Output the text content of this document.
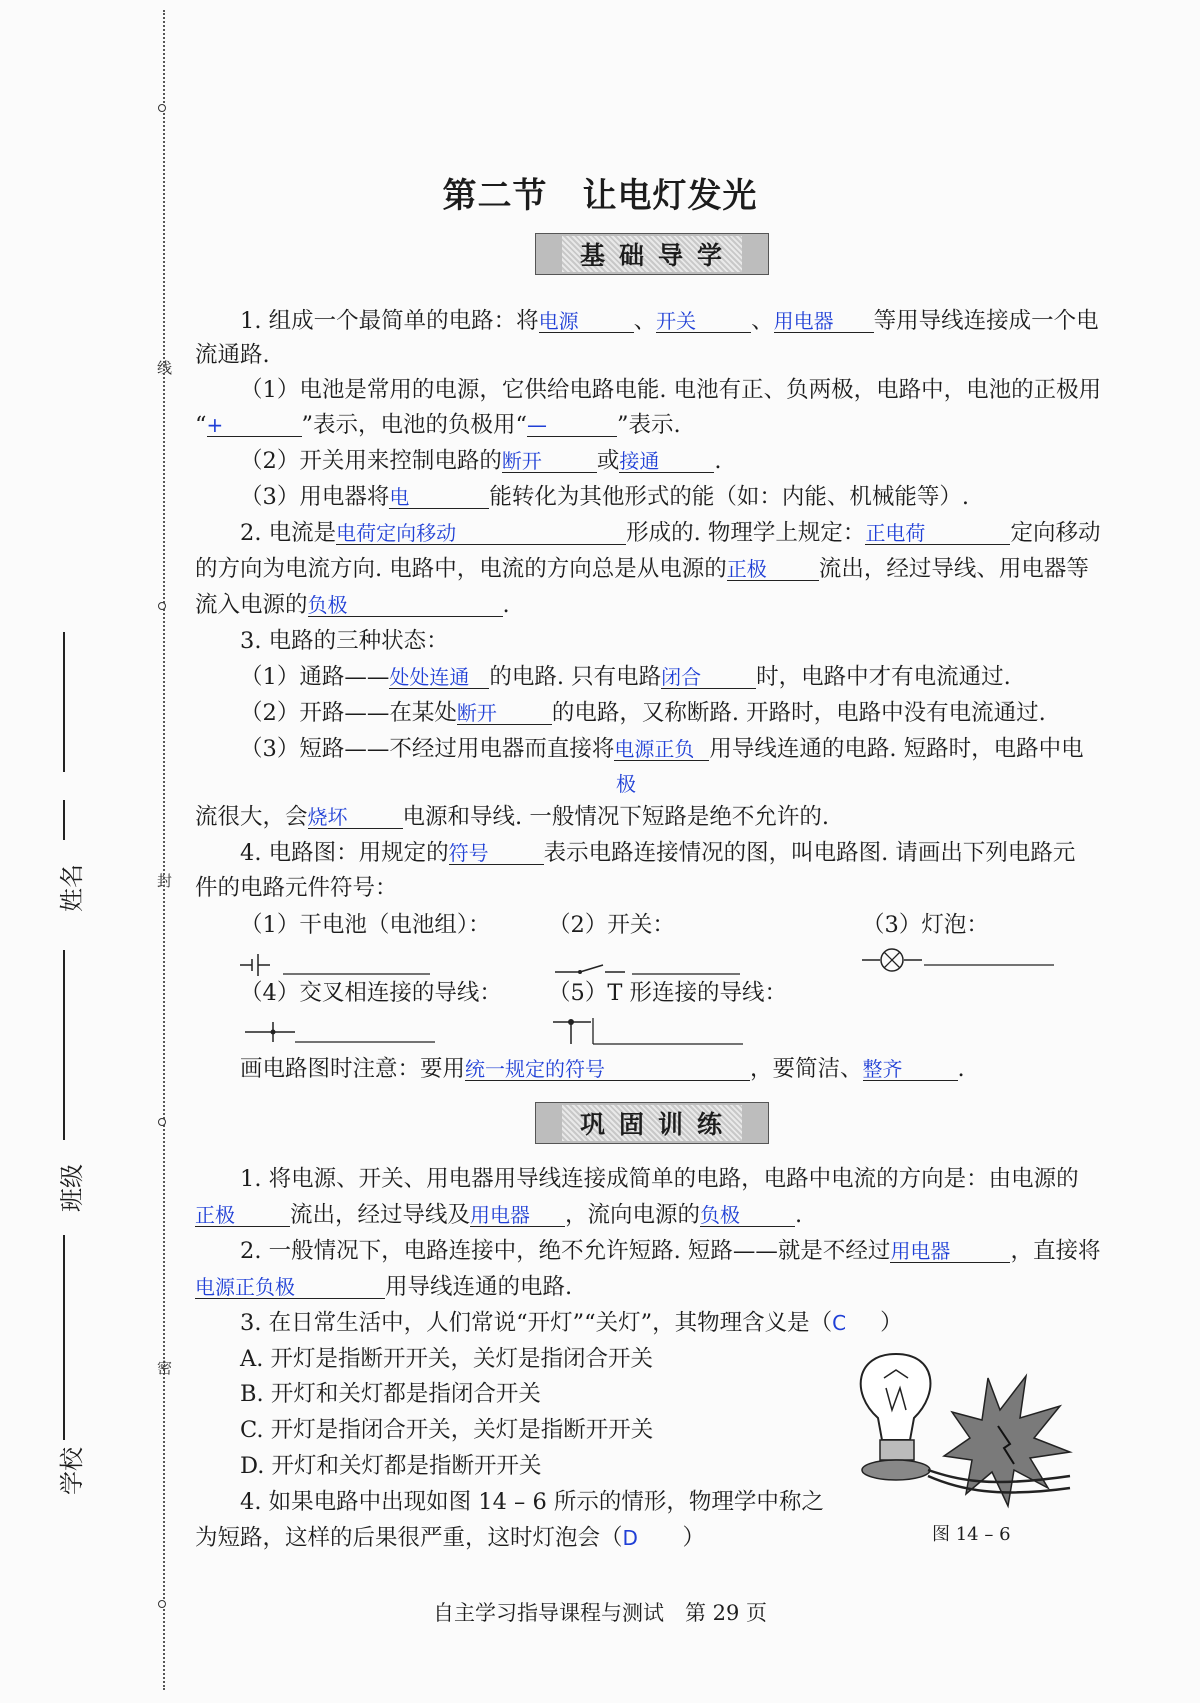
线
封
密
姓名
班级
学校
第二节　让电灯发光
基础导学
1. 组成一个最简单的电路：将电源 、开关 、用电器 等用导线连接成一个电
流通路.
（1）电池是常用的电源，它供给电路电能. 电池有正、负两极，电路中，电池的正极用
“+	”表示，电池的负极用“—	”表示.
（2）开关用来控制电路的断开 或接通 .
（3）用电器将电	能转化为其他形式的能（如：内能、机械能等）.
2. 电流是电荷定向移动	形成的. 物理学上规定：正电荷	定向移动
的方向为电流方向. 电路中，电流的方向总是从电源的正极 流出，经过导线、用电器等
流入电源的负极	.
3. 电路的三种状态：
（1）通路——处处连通 的电路. 只有电路闭合 时，电路中才有电流通过.
（2）开路——在某处断开 的电路，又称断路. 开路时，电路中没有电流通过.
（3）短路——不经过用电器而直接将电源正负 用导线连通的电路. 短路时，电路中电
极
流很大，会烧坏 电源和导线. 一般情况下短路是绝不允许的.
4. 电路图：用规定的符号 表示电路连接情况的图，叫电路图. 请画出下列电路元
件的电路元件符号：
（1）干电池（电池组）：	（2）开关：	（3）灯泡：
（4）交叉相连接的导线： （5）T 形连接的导线：
画电路图时注意：要用统一规定的符号	，要简洁、整齐 .
巩固训练
1. 将电源、开关、用电器用导线连接成简单的电路，电路中电流的方向是：由电源的
正极 流出，经过导线及用电器 ，流向电源的负极 .
2. 一般情况下，电路连接中，绝不允许短路. 短路——就是不经过用电器	，直接将
电源正负极	用导线连通的电路.
3. 在日常生活中，人们常说“开灯”“关灯”，其物理含义是（C ）
A. 开灯是指断开开关，关灯是指闭合开关
B. 开灯和关灯都是指闭合开关
C. 开灯是指闭合开关，关灯是指断开开关
D. 开灯和关灯都是指断开开关
4. 如果电路中出现如图 14 – 6 所示的情形，物理学中称之
为短路，这样的后果很严重，这时灯泡会（D ）	图 14 – 6
自主学习指导课程与测试　第 29 页
